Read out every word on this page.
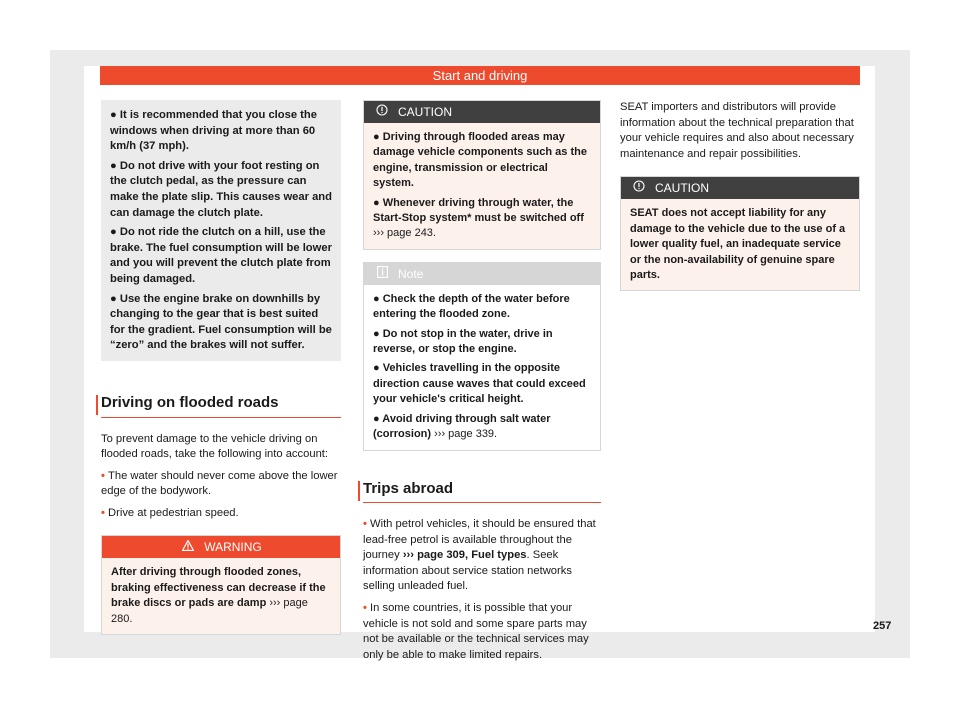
Start and driving

● It is recommended that you close the windows when driving at more than 60 km/h (37 mph).

● Do not drive with your foot resting on the clutch pedal, as the pressure can make the plate slip. This causes wear and can damage the clutch plate.

● Do not ride the clutch on a hill, use the brake. The fuel consumption will be lower and you will prevent the clutch plate from being damaged.

● Use the engine brake on downhills by changing to the gear that is best suited for the gradient. Fuel consumption will be “zero” and the brakes will not suffer.

Driving on flooded roads

To prevent damage to the vehicle driving on flooded roads, take the following into account:

• The water should never come above the lower edge of the bodywork.

• Drive at pedestrian speed.

WARNING

After driving through flooded zones, braking effectiveness can decrease if the brake discs or pads are damp ››› page 280.

CAUTION

● Driving through flooded areas may damage vehicle components such as the engine, transmission or electrical system.

● Whenever driving through water, the Start-Stop system* must be switched off ››› page 243.

Note

● Check the depth of the water before entering the flooded zone.

● Do not stop in the water, drive in reverse, or stop the engine.

● Vehicles travelling in the opposite direction cause waves that could exceed your vehicle's critical height.

● Avoid driving through salt water (corrosion) ››› page 339.

Trips abroad

• With petrol vehicles, it should be ensured that lead-free petrol is available throughout the journey ››› page 309, Fuel types. Seek information about service station networks selling unleaded fuel.

• In some countries, it is possible that your vehicle is not sold and some spare parts may not be available or the technical services may only be able to make limited repairs.

SEAT importers and distributors will provide information about the technical preparation that your vehicle requires and also about necessary maintenance and repair possibilities.

CAUTION

SEAT does not accept liability for any damage to the vehicle due to the use of a lower quality fuel, an inadequate service or the non-availability of genuine spare parts.

257
